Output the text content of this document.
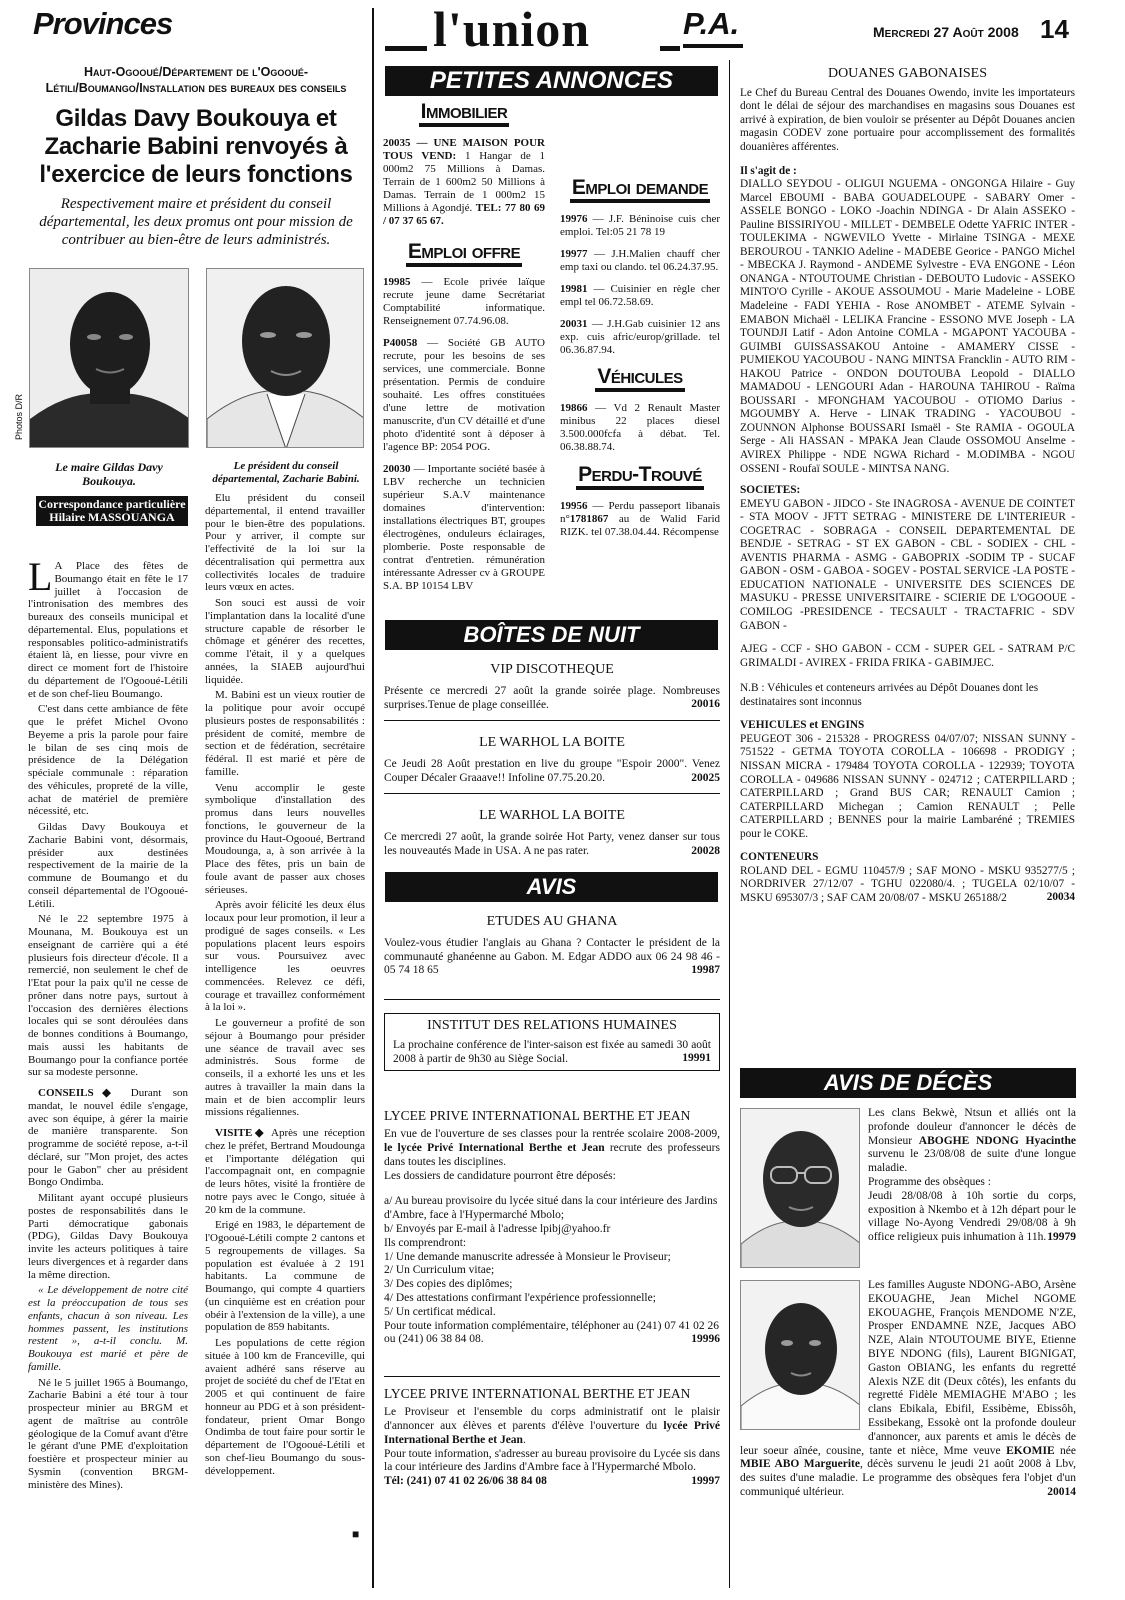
Provinces	l'union	P.A.	Mercredi 27 Août 2008 14
Haut-Ogooué/Département de l'Ogooué-Létili/Boumango/Installation des bureaux des conseils
Gildas Davy Boukouya et Zacharie Babini renvoyés à l'exercice de leurs fonctions
Respectivement maire et président du conseil départemental, les deux promus ont pour mission de contribuer au bien-être de leurs administrés.
Photos D/R
Le maire Gildas Davy Boukouya.
Le président du conseil départemental, Zacharie Babini.
Correspondance particulière
Hilaire MASSOUANGA
L A Place des fêtes de Boumango était en fête le 17 juillet à l'occasion de l'intronisation des membres des bureaux des conseils municipal et départemental. Elus, populations et responsables politico-administratifs étaient là, en liesse, pour vivre en direct ce moment fort de l'histoire du département de l'Ogooué-Létili et de son chef-lieu Boumango.

C'est dans cette ambiance de fête que le préfet Michel Ovono Beyeme a pris la parole pour faire le bilan de ses cinq mois de présidence de la Délégation spéciale communale : réparation des véhicules, propreté de la ville, achat de matériel de première nécessité, etc.

Gildas Davy Boukouya et Zacharie Babini vont, désormais, présider aux destinées respectivement de la mairie de la commune de Boumango et du conseil départemental de l'Ogooué-Létili.

Né le 22 septembre 1975 à Mounana, M. Boukouya est un enseignant de carrière qui a été plusieurs fois directeur d'école. Il a remercié, non seulement le chef de l'Etat pour la paix qu'il ne cesse de prôner dans notre pays, surtout à l'occasion des dernières élections locales qui se sont déroulées dans de bonnes conditions à Boumango, mais aussi les habitants de Boumango pour la confiance portée sur sa modeste personne.

CONSEILS◆ Durant son mandat, le nouvel édile s'engage, avec son équipe, à gérer la mairie de manière transparente. Son programme de société repose, a-t-il déclaré, sur "Mon projet, des actes pour le Gabon" cher au président Bongo Ondimba.

Militant ayant occupé plusieurs postes de responsabilités dans le Parti démocratique gabonais (PDG), Gildas Davy Boukouya invite les acteurs politiques à taire leurs divergences et à regarder dans la même direction.

« Le développement de notre cité est la préoccupation de tous ses enfants, chacun à son niveau. Les hommes passent, les institutions restent », a-t-il conclu. M. Boukouya est marié et père de famille.

Né le 5 juillet 1965 à Boumango, Zacharie Babini a été tour à tour prospecteur minier au BRGM et agent de maîtrise au contrôle géologique de la Comuf avant d'être le gérant d'une PME d'exploitation foestière et prospecteur minier au Sysmin (convention BRGM-ministère des Mines).

Elu président du conseil départemental, il entend travailler pour le bien-être des populations. Pour y arriver, il compte sur l'effectivité de la loi sur la décentralisation qui permettra aux collectivités locales de traduire leurs vœux en actes.

Son souci est aussi de voir l'implantation dans la localité d'une structure capable de résorber le chômage et générer des recettes, comme l'était, il y a quelques années, la SIAEB aujourd'hui liquidée.

M. Babini est un vieux routier de la politique pour avoir occupé plusieurs postes de responsabilités : président de comité, membre de section et de fédération, secrétaire fédéral. Il est marié et père de famille.

Venu accomplir le geste symbolique d'installation des promus dans leurs nouvelles fonctions, le gouverneur de la province du Haut-Ogooué, Bertrand Moudounga, a, à son arrivée à la Place des fêtes, pris un bain de foule avant de passer aux choses sérieuses.

Après avoir félicité les deux élus locaux pour leur promotion, il leur a prodigué de sages conseils. « Les populations placent leurs espoirs sur vous. Poursuivez avec intelligence les oeuvres commencées. Relevez ce défi, courage et travaillez conformément à la loi ».

Le gouverneur a profité de son séjour à Boumango pour présider une séance de travail avec ses administrés. Sous forme de conseils, il a exhorté les uns et les autres à travailler la main dans la main et de bien accomplir leurs missions régaliennes.

VISITE◆ Après une réception chez le préfet, Bertrand Moudounga et l'importante délégation qui l'accompagnait ont, en compagnie de leurs hôtes, visité la frontière de notre pays avec le Congo, située à 20 km de la commune.

Erigé en 1983, le département de l'Ogooué-Létili compte 2 cantons et 5 regroupements de villages. Sa population est évaluée à 2 191 habitants. La commune de Boumango, qui compte 4 quartiers (un cinquième est en création pour obéir à l'extension de la ville), a une population de 859 habitants.

Les populations de cette région située à 100 km de Franceville, qui avaient adhéré sans réserve au projet de société du chef de l'Etat en 2005 et qui continuent de faire honneur au PDG et à son président-fondateur, prient Omar Bongo Ondimba de tout faire pour sortir le département de l'Ogooué-Létili et son chef-lieu Boumango du sous-développement.

■
PETITES ANNONCES
Immobilier
20035 — UNE MAISON POUR TOUS VEND: 1 Hangar de 1 000m2 75 Millions à Damas. Terrain de 1 600m2 50 Millions à Damas. Terrain de 1 000m2 15 Millions à Agondjé. TEL: 77 80 69 / 07 37 65 67.
Emploi offre
19985 — Ecole privée laïque recrute jeune dame Secrétariat Comptabilité informatique. Renseignement 07.74.96.08.
P40058 — Société GB AUTO recrute, pour les besoins de ses services, une commerciale. Bonne présentation. Permis de conduire souhaité. Les offres constituées d'une lettre de motivation manuscrite, d'un CV détaillé et d'une photo d'identité sont à déposer à l'agence BP: 2054 POG.
20030 — Importante société basée à LBV recherche un technicien supérieur S.A.V maintenance domaines d'intervention: installations électriques BT, groupes électrogènes, onduleurs éclairages, plomberie. Poste responsable de contrat d'entretien. rémunération intéressante Adresser cv à GROUPE S.A. BP 10154 LBV
Emploi demande
19976 — J.F. Béninoise cuis cher emploi. Tel:05 21 78 19
19977 — J.H.Malien chauff cher emp taxi ou clando. tel 06.24.37.95.
19981 — Cuisinier en règle cher empl tel 06.72.58.69.
20031 — J.H.Gab cuisinier 12 ans exp. cuis afric/europ/grillade. tel 06.36.87.94.
Véhicules
19866 — Vd 2 Renault Master minibus 22 places diesel 3.500.000fcfa à débat. Tel. 06.38.88.74.
Perdu-Trouvé
19956 — Perdu passeport libanais n°1781867 au de Walid Farid RIZK. tel 07.38.04.44. Récompense
BOÎTES DE NUIT
VIP DISCOTHEQUE
Présente ce mercredi 27 août la grande soirée plage. Nombreuses surprises.Tenue de plage conseillée.	20016
LE WARHOL LA BOITE
Ce Jeudi 28 Août prestation en live du groupe "Espoir 2000". Venez Couper Décaler Graaave!! Infoline 07.75.20.20.	20025
LE WARHOL LA BOITE
Ce mercredi 27 août, la grande soirée Hot Party, venez danser sur tous les nouveautés Made in USA. A ne pas rater.	20028
AVIS
ETUDES AU GHANA
Voulez-vous étudier l'anglais au Ghana ? Contacter le président de la communauté ghanéenne au Gabon. M. Edgar ADDO aux 06 24 98 46 - 05 74 18 65	19987
INSTITUT DES RELATIONS HUMAINES
La prochaine conférence de l'inter-saison est fixée au samedi 30 août 2008 à partir de 9h30 au Siège Social.	19991
LYCEE PRIVE INTERNATIONAL BERTHE ET JEAN
En vue de l'ouverture de ses classes pour la rentrée scolaire 2008-2009, le lycée Privé International Berthe et Jean recrute des professeurs dans toutes les disciplines.
Les dossiers de candidature pourront être déposés:
a/ Au bureau provisoire du lycée situé dans la cour intérieure des Jardins d'Ambre, face à l'Hypermarché Mbolo;
b/ Envoyés par E-mail à l'adresse lpibj@yahoo.fr
Ils comprendront:
1/ Une demande manuscrite adressée à Monsieur le Proviseur;
2/ Un Curriculum vitae;
3/ Des copies des diplômes;
4/ Des attestations confirmant l'expérience professionnelle;
5/ Un certificat médical.
Pour toute information complémentaire, téléphoner au (241) 07 41 02 26 ou (241) 06 38 84 08.	19996
LYCEE PRIVE INTERNATIONAL BERTHE ET JEAN
Le Proviseur et l'ensemble du corps administratif ont le plaisir d'annoncer aux élèves et parents d'élève l'ouverture du lycée Privé International Berthe et Jean.
Pour toute information, s'adresser au bureau provisoire du Lycée sis dans la cour intérieure des Jardins d'Ambre face à l'Hypermarché Mbolo.
Tél: (241) 07 41 02 26/06 38 84 08	19997
DOUANES GABONAISES
Le Chef du Bureau Central des Douanes Owendo, invite les importateurs dont le délai de séjour des marchandises en magasins sous Douanes est arrivé à expiration, de bien vouloir se présenter au Dépôt Douanes ancien magasin CODEV zone portuaire pour accomplissement des formalités douanières afférentes.
Il s'agit de :
DIALLO SEYDOU - OLIGUI NGUEMA - ONGONGA Hilaire - Guy Marcel EBOUMI - BABA GOUADELOUPE - SABARY Omer - ASSELE BONGO - LOKO -Joachin NDINGA - Dr Alain ASSEKO - Pauline BISSIRIYOU - MILLET - DEMBELE Odette YAFRIC INTER - TOULEKIMA - NGWEVILO Yvette - Mirlaine TSINGA - MEXE BEROUROU - TANKIO Adeline - MADEBE Georice - PANGO Michel - MBECKA J. Raymond - ANDEME Sylvestre - EVA ENGONE - Léon ONANGA - NTOUTOUME Christian - DEBOUTO Ludovic - ASSEKO MINTO'O Cyrille - AKOUE ASSOUMOU - Marie Madeleine - LOBE Madeleine - FADI YEHIA - Rose ANOMBET - ATEME Sylvain - EMABON Michaël - LELIKA Francine - ESSONO MVE Joseph - LA TOUNDJI Latif - Adon Antoine COMLA - MGAPONT YACOUBA - GUIMBI GUISSASSAKOU Antoine - AMAMERY CISSE - PUMIEKOU YACOUBOU - NANG MINTSA Francklin - AUTO RIM - HAKOU Patrice - ONDON DOUTOUBA Leopold - DIALLO MAMADOU - LENGOURI Adan - HAROUNA TAHIROU - Raïma BOUSSARI - MFONGHAM YACOUBOU - OTIOMO Darius - MGOUMBY A. Herve - LINAK TRADING - YACOUBOU - ZOUNNON Alphonse BOUSSARI Ismaël - Ste RAMIA - OGOULA Serge - Ali HASSAN - MPAKA Jean Claude OSSOMOU Anselme - AVIREX Philippe - NDE NGWA Richard - M.ODIMBA - NGOU OSSENI - Roufaï SOULE - MINTSA NANG.
SOCIETES:
EMEYU GABON - JIDCO - Ste INAGROSA - AVENUE DE COINTET - STA MOOV - JFTT SETRAG - MINISTERE DE L'INTERIEUR - COGETRAC - SOBRAGA - CONSEIL DEPARTEMENTAL DE BENDJE - SETRAG - ST EX GABON - CBL - SODIEX - CHL - AVENTIS PHARMA - ASMG - GABOPRIX -SODIM TP - SUCAF GABON - OSM - GABOA - SOGEV - POSTAL SERVICE -LA POSTE - EDUCATION NATIONALE - UNIVERSITE DES SCIENCES DE MASUKU - PRESSE UNIVERSITAIRE - SCIERIE DE L'OGOOUE - COMILOG -PRESIDENCE - TECSAULT - TRACTAFRIC - SDV GABON -
AJEG - CCF - SHO GABON - CCM - SUPER GEL - SATRAM P/C GRIMALDI - AVIREX - FRIDA FRIKA - GABIMJEC.
N.B : Véhicules et conteneurs arrivées au Dépôt Douanes dont les destinataires sont inconnus
VEHICULES et ENGINS
PEUGEOT 306 - 215328 - PROGRESS 04/07/07; NISSAN SUNNY - 751522 - GETMA TOYOTA COROLLA - 106698 - PRODIGY ; NISSAN MICRA - 179484 TOYOTA COROLLA - 122939; TOYOTA COROLLA - 049686 NISSAN SUNNY - 024712 ; CATERPILLARD ; CATERPILLARD ; Grand BUS CAR; RENAULT Camion ; CATERPILLARD Michegan ; Camion RENAULT ; Pelle CATERPILLARD ; BENNES pour la mairie Lambaréné ; TREMIES pour le COKE.
CONTENEURS
ROLAND DEL - EGMU 110457/9 ; SAF MONO - MSKU 935277/5 ; NORDRIVER 27/12/07 - TGHU 022080/4. ; TUGELA 02/10/07 - MSKU 695307/3 ; SAF CAM 20/08/07 - MSKU 265188/2	20034
AVIS DE DÉCÈS
Les clans Bekwè, Ntsun et alliés ont la profonde douleur d'annoncer le décès de Monsieur ABOGHE NDONG Hyacinthe survenu le 23/08/08 de suite d'une longue maladie.
Programme des obsèques :
Jeudi 28/08/08 à 10h sortie du corps, exposition à Nkembo et à 12h départ pour le village No-Ayong Vendredi 29/08/08 à 9h office religieux puis inhumation à 11h. 19979
Les familles Auguste NDONG-ABO, Arsène EKOUAGHE, Jean Michel NGOME EKOUAGHE, François MENDOME N'ZE, Prosper ENDAMNE NZE, Jacques ABO NZE, Alain NTOUTOUME BIYE, Etienne BIYE NDONG (fils), Laurent BIGNIGAT, Gaston OBIANG, les enfants du regretté Alexis NZE dit (Deux côtés), les enfants du regretté Fidèle MEMIAGHE M'ABO ; les clans Ebikala, Ebifil, Essibème, Ebissôh, Essibekang, Essokè ont la profonde douleur d'annoncer, aux parents et amis le décès de leur soeur aînée, cousine, tante et nièce, Mme veuve EKOMIE née MBIE ABO Marguerite, décès survenu le jeudi 21 août 2008 à Lbv, des suites d'une maladie. Le programme des obsèques fera l'objet d'un communiqué ultérieur.	20014
